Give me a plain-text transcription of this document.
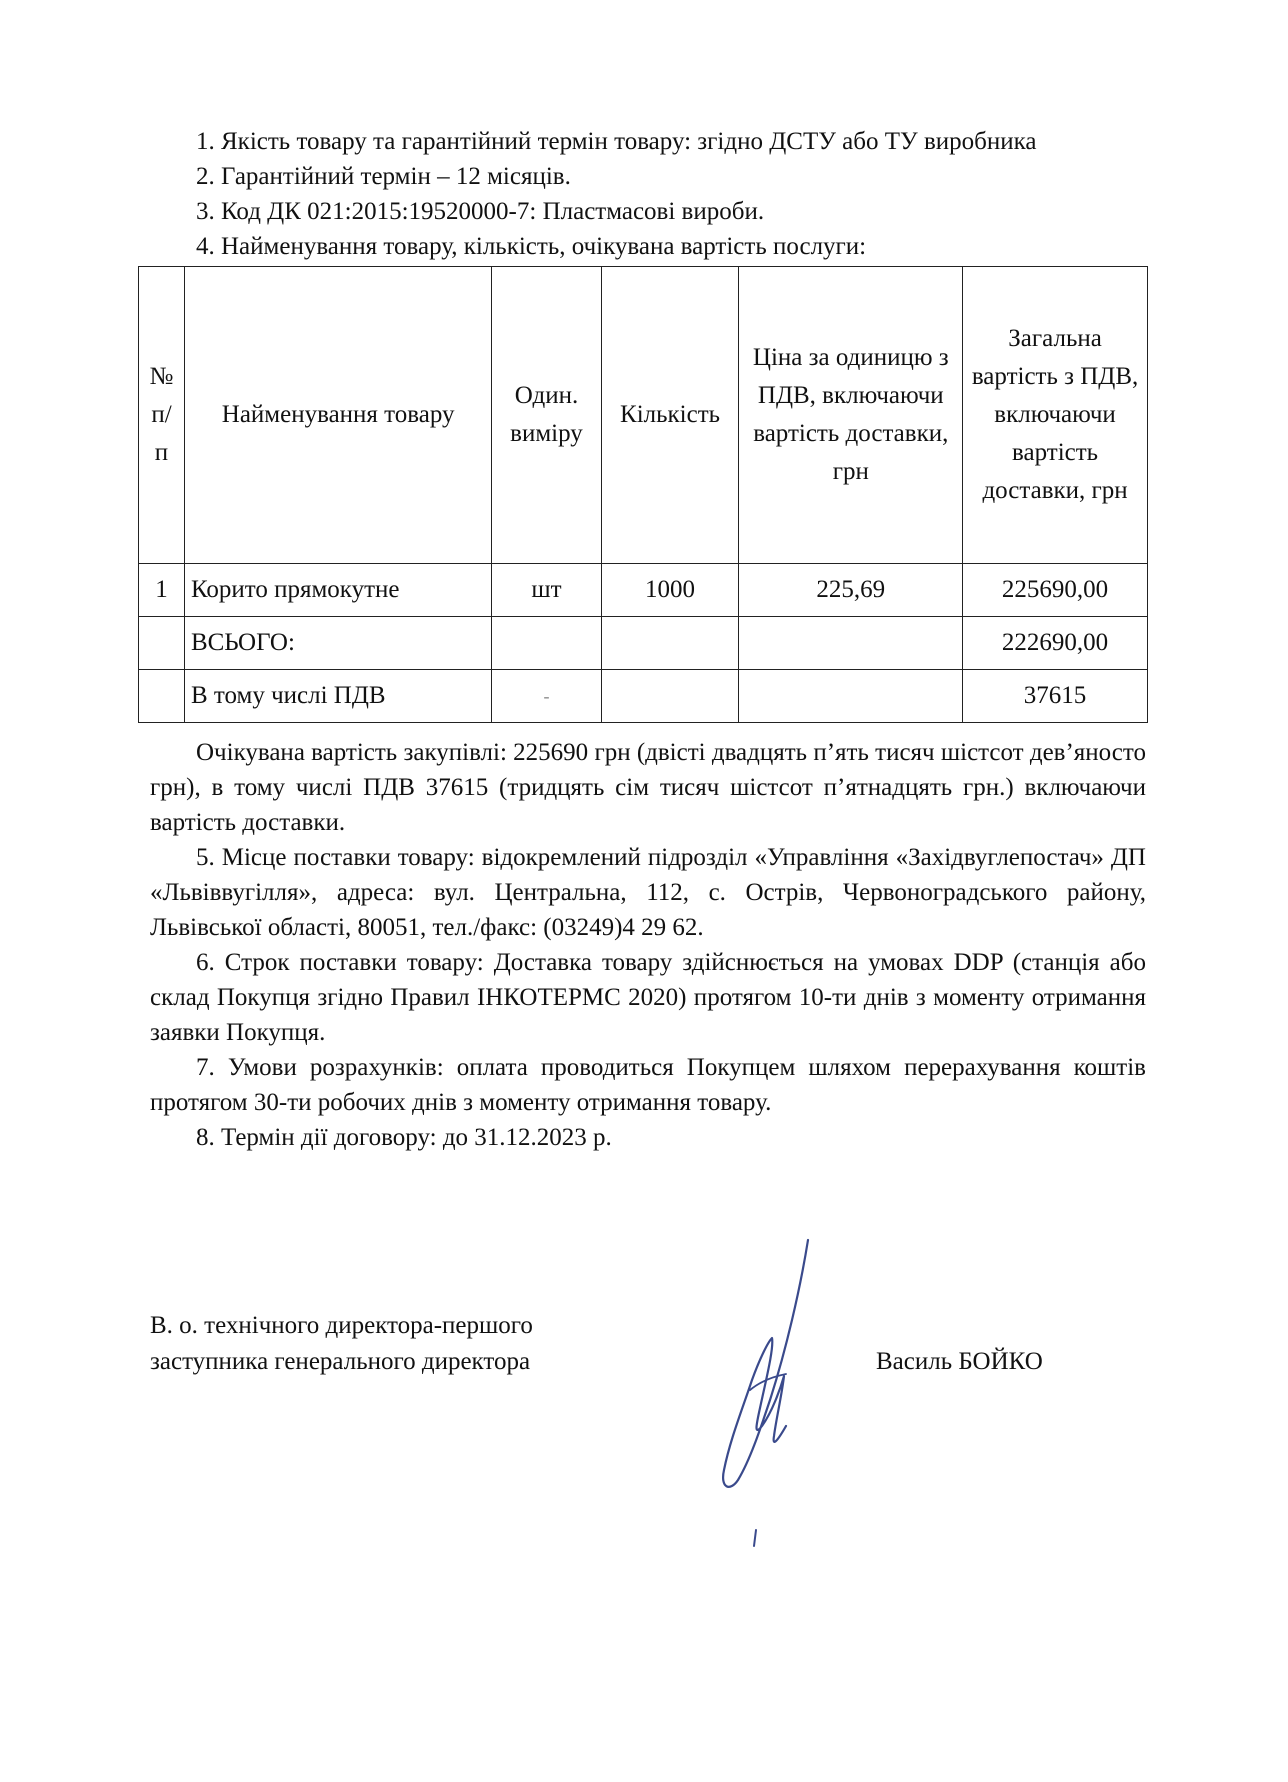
1. Якість товару та гарантійний термін товару: згідно ДСТУ або ТУ виробника

2. Гарантійний термін – 12 місяців.

3. Код ДК 021:2015:19520000-7: Пластмасові вироби.

4. Найменування товару, кількість, очікувана вартість послуги:

№ п/п	Найменування товару	Один. виміру	Кількість	Ціна за одиницю з ПДВ, включаючи вартість доставки, грн	Загальна вартість з ПДВ, включаючи вартість доставки, грн
1	Корито прямокутне	шт	1000	225,69	225690,00
	ВСЬОГО:				222690,00
	В тому числі ПДВ	-			37615

Очікувана вартість закупівлі: 225690 грн (двісті двадцять п’ять тисяч шістсот дев’яносто грн), в тому числі ПДВ 37615 (тридцять сім тисяч шістсот п’ятнадцять грн.) включаючи вартість доставки.

5. Місце поставки товару: відокремлений підрозділ «Управління «Західвуглепостач» ДП «Львіввугілля», адреса: вул. Центральна, 112, с. Острів, Червоноградського району, Львівської області, 80051, тел./факс: (03249)4 29 62.

6. Строк поставки товару: Доставка товару здійснюється на умовах DDP (станція або склад Покупця згідно Правил ІНКОТЕРМС 2020) протягом 10-ти днів з моменту отримання заявки Покупця.

7. Умови розрахунків: оплата проводиться Покупцем шляхом перерахування коштів протягом 30-ти робочих днів з моменту отримання товару.

8. Термін дії договору: до 31.12.2023 р.

В. о. технічного директора-першого
заступника генерального директора	Василь БОЙКО
